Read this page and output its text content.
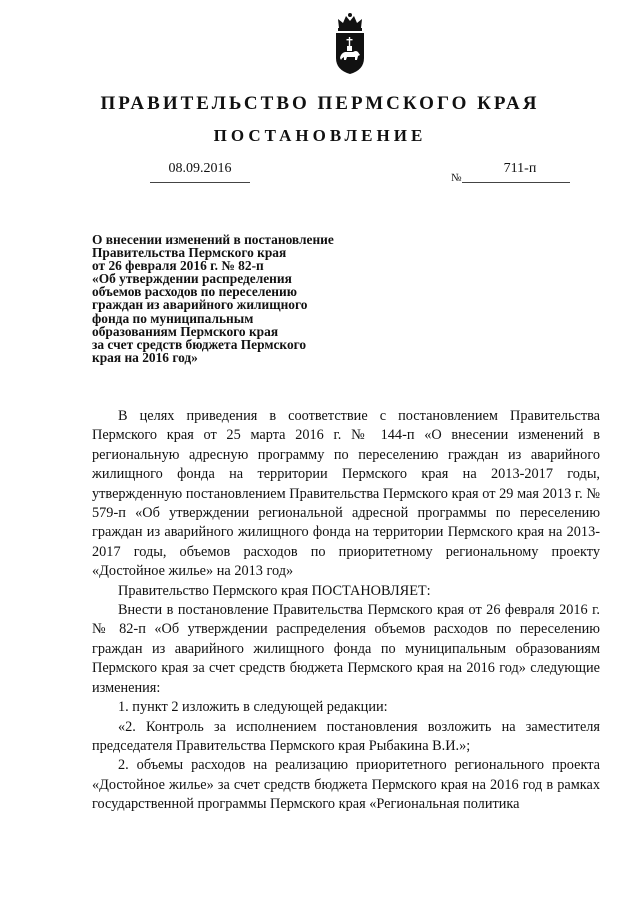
ПРАВИТЕЛЬСТВО ПЕРМСКОГО КРАЯ
ПОСТАНОВЛЕНИЕ
08.09.2016
№
711-п
О внесении изменений в постановление
Правительства Пермского края
от 26 февраля 2016 г. № 82-п
«Об утверждении распределения
объемов расходов по переселению
граждан из аварийного жилищного
фонда по муниципальным
образованиям Пермского края
за счет средств бюджета Пермского
края на 2016 год»

В целях приведения в соответствие с постановлением Правительства Пермского края от 25 марта 2016 г. № 144-п «О внесении изменений в региональную адресную программу по переселению граждан из аварийного жилищного фонда на территории Пермского края на 2013-2017 годы, утвержденную постановлением Правительства Пермского края от 29 мая 2013 г. № 579-п «Об утверждении региональной адресной программы по переселению граждан из аварийного жилищного фонда на территории Пермского края на 2013-2017 годы, объемов расходов по приоритетному региональному проекту «Достойное жилье» на 2013 год»

Правительство Пермского края ПОСТАНОВЛЯЕТ:

Внести в постановление Правительства Пермского края от 26 февраля 2016 г. № 82-п «Об утверждении распределения объемов расходов по переселению граждан из аварийного жилищного фонда по муниципальным образованиям Пермского края за счет средств бюджета Пермского края на 2016 год» следующие изменения:

1. пункт 2 изложить в следующей редакции:

«2. Контроль за исполнением постановления возложить на заместителя председателя Правительства Пермского края Рыбакина В.И.»;

2. объемы расходов на реализацию приоритетного регионального проекта «Достойное жилье» за счет средств бюджета Пермского края на 2016 год в рамках государственной программы Пермского края «Региональная политика
